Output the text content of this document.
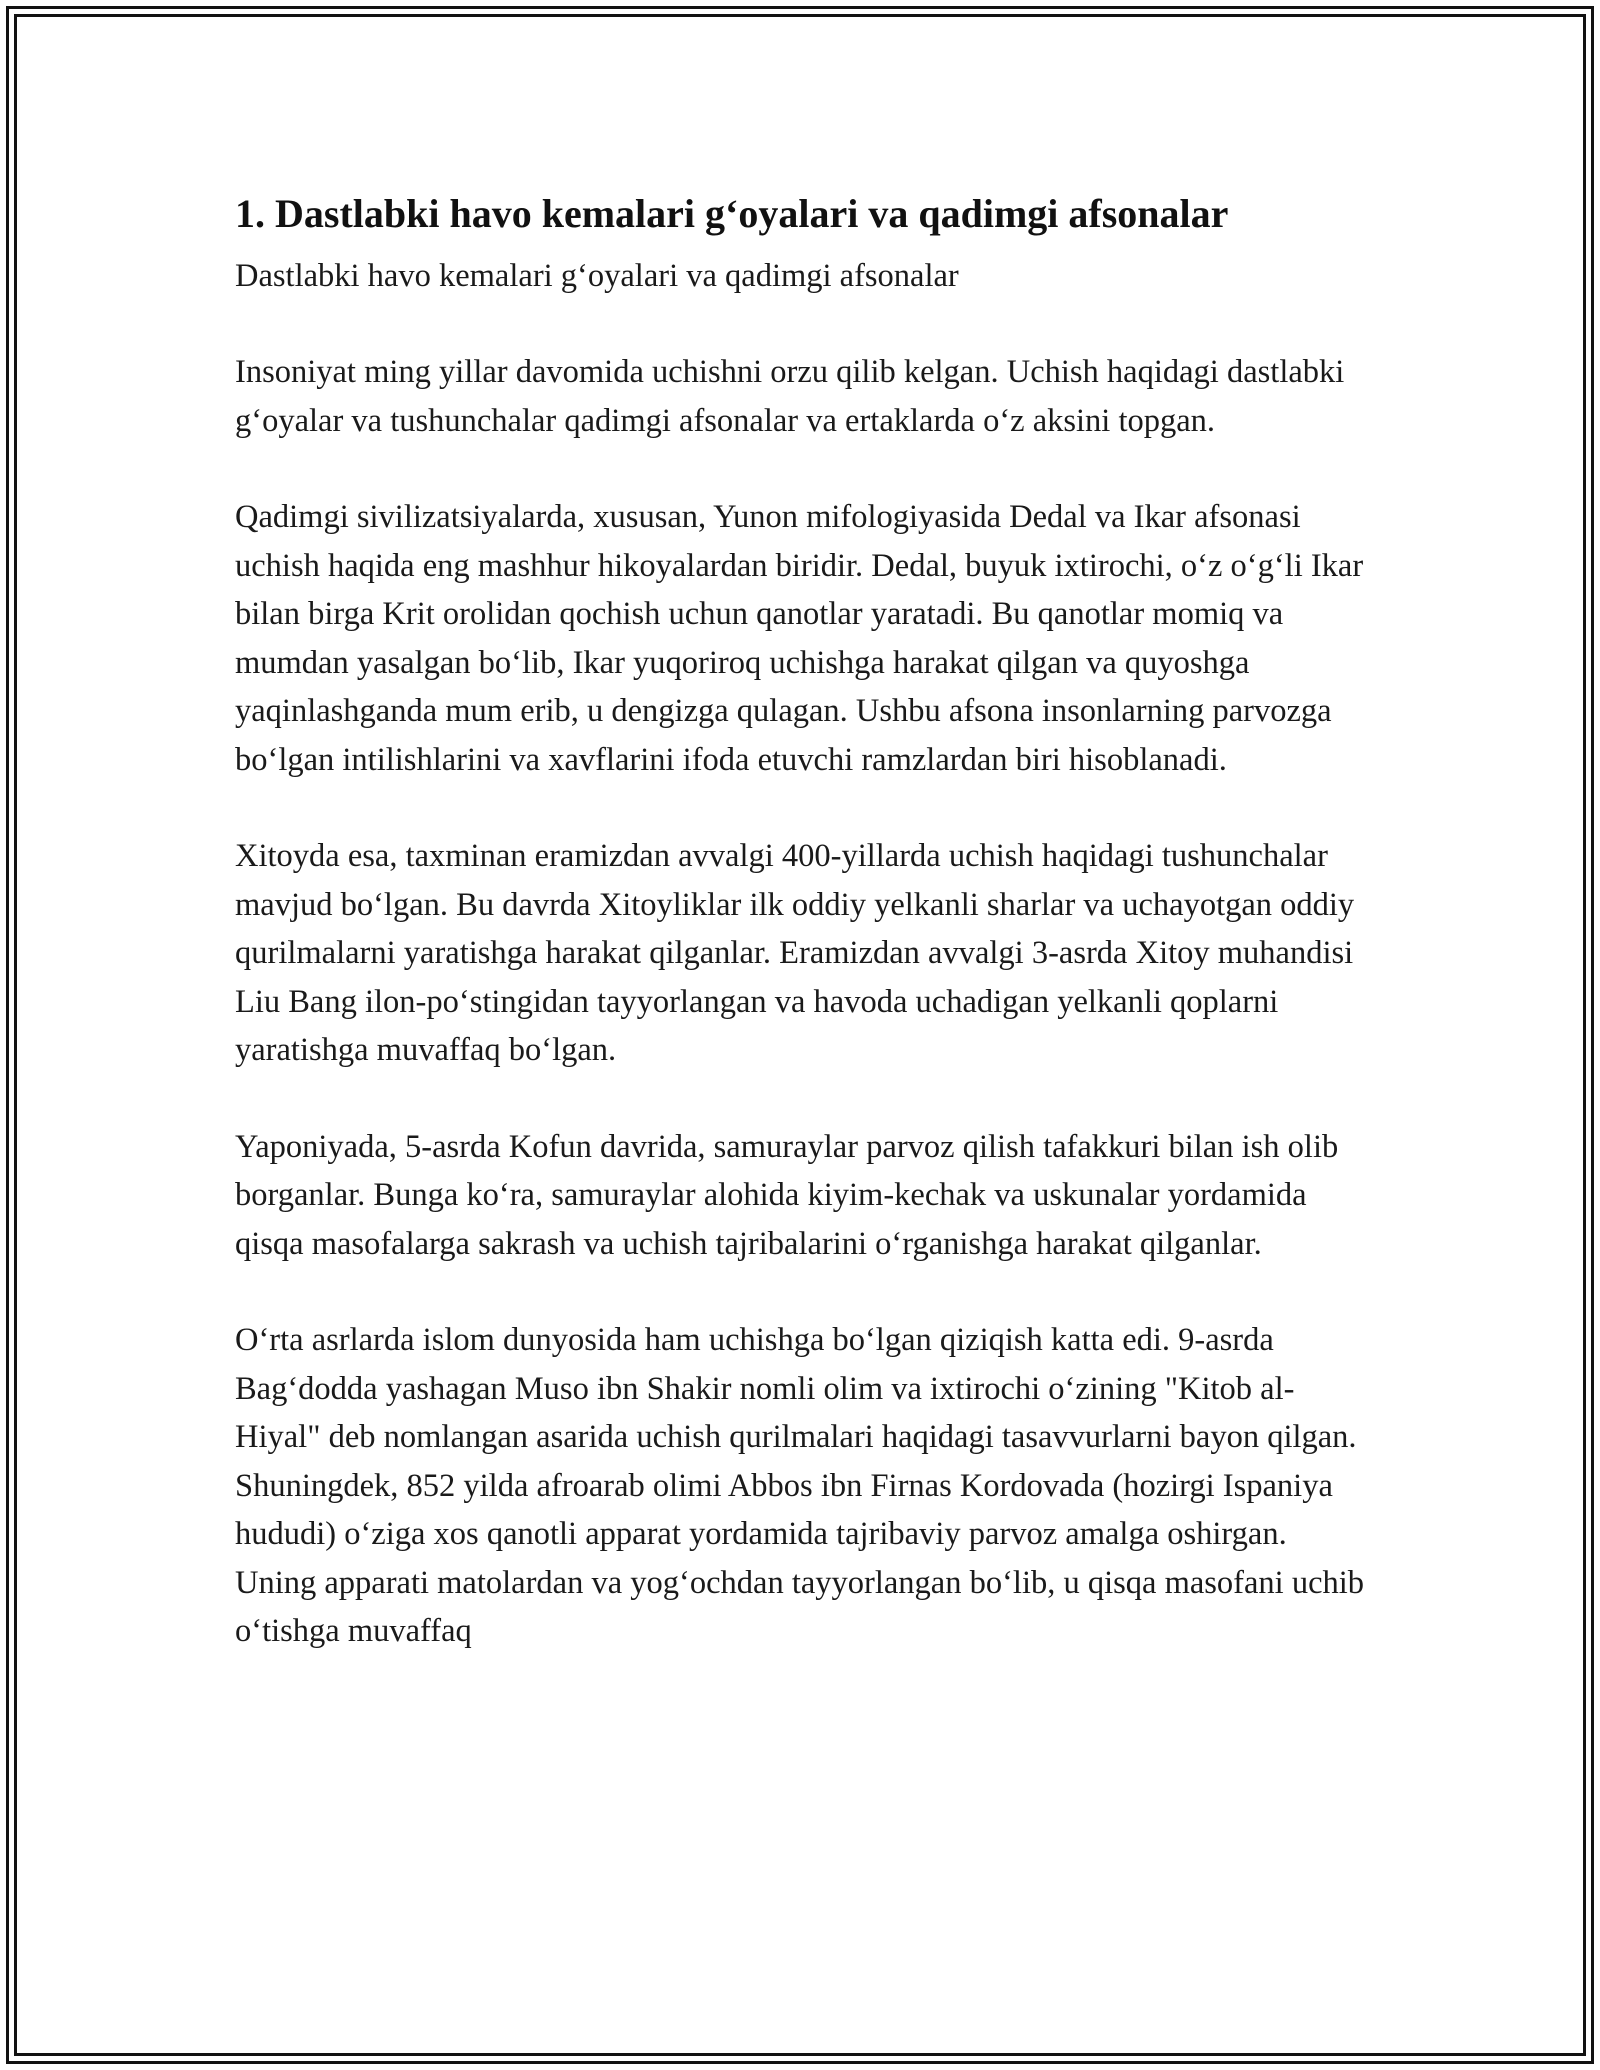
1. Dastlabki havo kemalari g‘oyalari va qadimgi afsonalar

Dastlabki havo kemalari g‘oyalari va qadimgi afsonalar

Insoniyat ming yillar davomida uchishni orzu qilib kelgan. Uchish haqidagi dastlabki g‘oyalar va tushunchalar qadimgi afsonalar va ertaklarda o‘z aksini topgan.

Qadimgi sivilizatsiyalarda, xususan, Yunon mifologiyasida Dedal va Ikar afsonasi uchish haqida eng mashhur hikoyalardan biridir. Dedal, buyuk ixtirochi, o‘z o‘g‘li Ikar bilan birga Krit orolidan qochish uchun qanotlar yaratadi. Bu qanotlar momiq va mumdan yasalgan bo‘lib, Ikar yuqoriroq uchishga harakat qilgan va quyoshga yaqinlashganda mum erib, u dengizga qulagan. Ushbu afsona insonlarning parvozga bo‘lgan intilishlarini va xavflarini ifoda etuvchi ramzlardan biri hisoblanadi.

Xitoyda esa, taxminan eramizdan avvalgi 400-yillarda uchish haqidagi tushunchalar mavjud bo‘lgan. Bu davrda Xitoyliklar ilk oddiy yelkanli sharlar va uchayotgan oddiy qurilmalarni yaratishga harakat qilganlar. Eramizdan avvalgi 3-asrda Xitoy muhandisi Liu Bang ilon-po‘stingidan tayyorlangan va havoda uchadigan yelkanli qoplarni yaratishga muvaffaq bo‘lgan.

Yaponiyada, 5-asrda Kofun davrida, samuraylar parvoz qilish tafakkuri bilan ish olib borganlar. Bunga ko‘ra, samuraylar alohida kiyim-kechak va uskunalar yordamida qisqa masofalarga sakrash va uchish tajribalarini o‘rganishga harakat qilganlar.

O‘rta asrlarda islom dunyosida ham uchishga bo‘lgan qiziqish katta edi. 9-asrda Bag‘dodda yashagan Muso ibn Shakir nomli olim va ixtirochi o‘zining "Kitob al-Hiyal" deb nomlangan asarida uchish qurilmalari haqidagi tasavvurlarni bayon qilgan. Shuningdek, 852 yilda afroarab olimi Abbos ibn Firnas Kordovada (hozirgi Ispaniya hududi) o‘ziga xos qanotli apparat yordamida tajribaviy parvoz amalga oshirgan. Uning apparati matolardan va yog‘ochdan tayyorlangan bo‘lib, u qisqa masofani uchib o‘tishga muvaffaq
